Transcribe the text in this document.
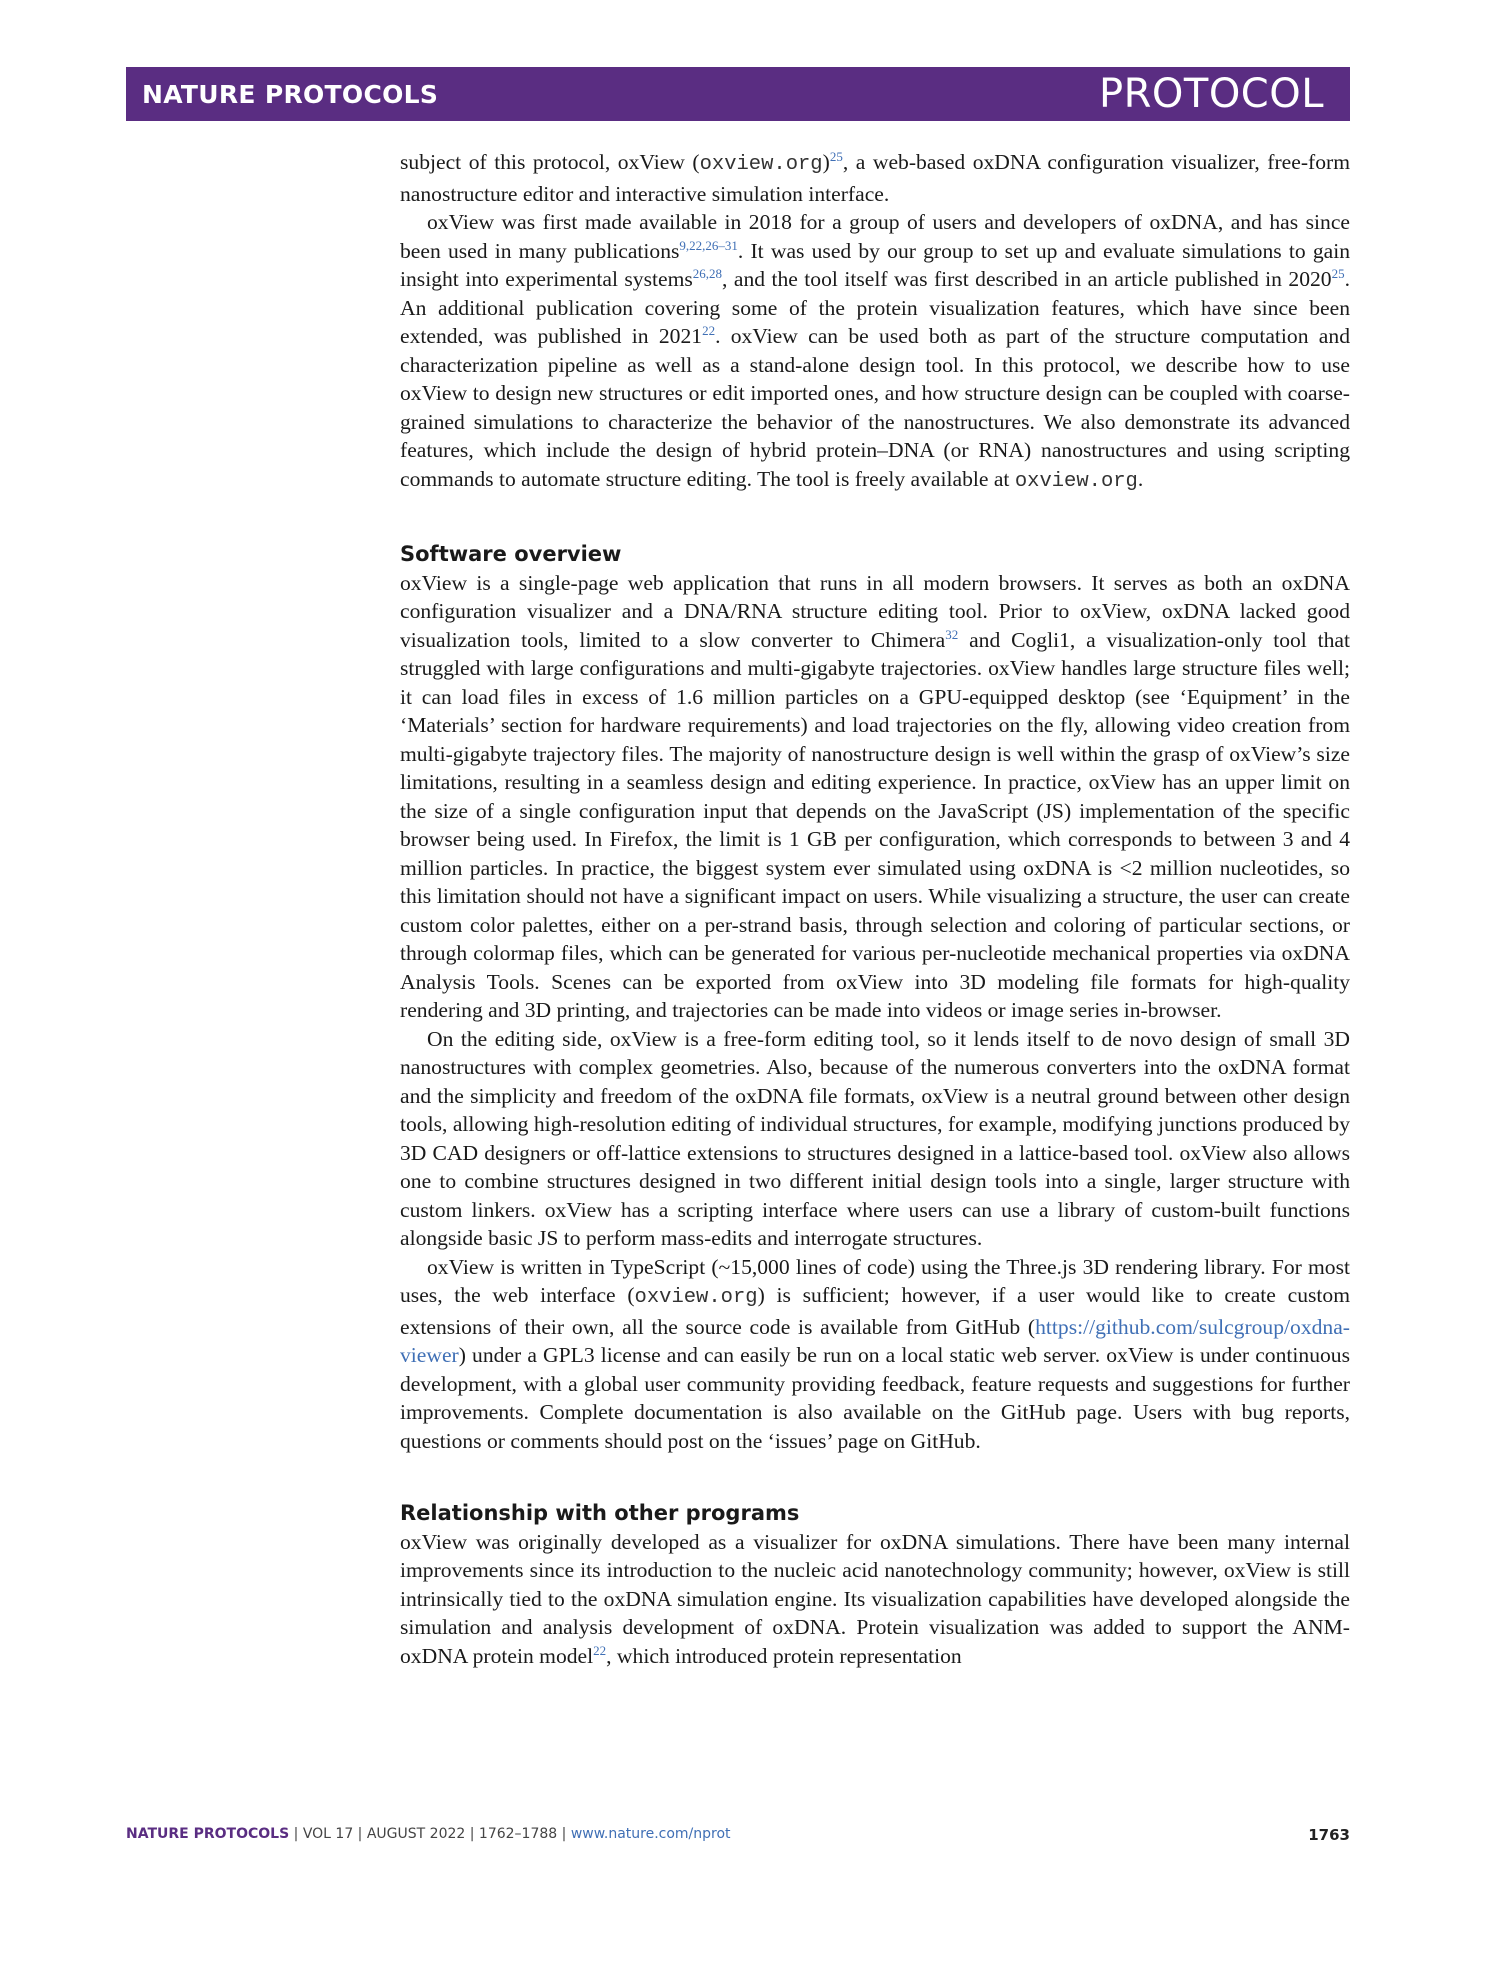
NATURE PROTOCOLS	PROTOCOL

subject of this protocol, oxView (oxview.org)$^{25}$, a web-based oxDNA configuration visualizer, free-form nanostructure editor and interactive simulation interface.

oxView was first made available in 2018 for a group of users and developers of oxDNA, and has since been used in many publications$^{9,22,26-31}$. It was used by our group to set up and evaluate simulations to gain insight into experimental systems$^{26,28}$, and the tool itself was first described in an article published in 2020$^{25}$. An additional publication covering some of the protein visualization features, which have since been extended, was published in 2021$^{22}$. oxView can be used both as part of the structure computation and characterization pipeline as well as a stand-alone design tool. In this protocol, we describe how to use oxView to design new structures or edit imported ones, and how structure design can be coupled with coarse-grained simulations to characterize the behavior of the nanostructures. We also demonstrate its advanced features, which include the design of hybrid protein–DNA (or RNA) nanostructures and using scripting commands to automate structure editing. The tool is freely available at oxview.org.

Software overview

oxView is a single-page web application that runs in all modern browsers. It serves as both an oxDNA configuration visualizer and a DNA/RNA structure editing tool. Prior to oxView, oxDNA lacked good visualization tools, limited to a slow converter to Chimera$^{32}$ and Cogli1, a visualization-only tool that struggled with large configurations and multi-gigabyte trajectories. oxView handles large structure files well; it can load files in excess of 1.6 million particles on a GPU-equipped desktop (see ‘Equipment’ in the ‘Materials’ section for hardware requirements) and load trajectories on the fly, allowing video creation from multi-gigabyte trajectory files. The majority of nanostructure design is well within the grasp of oxView’s size limitations, resulting in a seamless design and editing experience. In practice, oxView has an upper limit on the size of a single configuration input that depends on the JavaScript (JS) implementation of the specific browser being used. In Firefox, the limit is 1 GB per configuration, which corresponds to between 3 and 4 million particles. In practice, the biggest system ever simulated using oxDNA is <2 million nucleotides, so this limitation should not have a significant impact on users. While visualizing a structure, the user can create custom color palettes, either on a per-strand basis, through selection and coloring of particular sections, or through colormap files, which can be generated for various per-nucleotide mechanical properties via oxDNA Analysis Tools. Scenes can be exported from oxView into 3D modeling file formats for high-quality rendering and 3D printing, and trajectories can be made into videos or image series in-browser.

On the editing side, oxView is a free-form editing tool, so it lends itself to de novo design of small 3D nanostructures with complex geometries. Also, because of the numerous converters into the oxDNA format and the simplicity and freedom of the oxDNA file formats, oxView is a neutral ground between other design tools, allowing high-resolution editing of individual structures, for example, modifying junctions produced by 3D CAD designers or off-lattice extensions to structures designed in a lattice-based tool. oxView also allows one to combine structures designed in two different initial design tools into a single, larger structure with custom linkers. oxView has a scripting interface where users can use a library of custom-built functions alongside basic JS to perform mass-edits and interrogate structures.

oxView is written in TypeScript (~15,000 lines of code) using the Three.js 3D rendering library. For most uses, the web interface (oxview.org) is sufficient; however, if a user would like to create custom extensions of their own, all the source code is available from GitHub (https://github.com/sulcgroup/oxdna-viewer) under a GPL3 license and can easily be run on a local static web server. oxView is under continuous development, with a global user community providing feedback, feature requests and suggestions for further improvements. Complete documentation is also available on the GitHub page. Users with bug reports, questions or comments should post on the ‘issues’ page on GitHub.

Relationship with other programs

oxView was originally developed as a visualizer for oxDNA simulations. There have been many internal improvements since its introduction to the nucleic acid nanotechnology community; however, oxView is still intrinsically tied to the oxDNA simulation engine. Its visualization capabilities have developed alongside the simulation and analysis development of oxDNA. Protein visualization was added to support the ANM-oxDNA protein model$^{22}$, which introduced protein representation

NATURE PROTOCOLS | VOL 17 | AUGUST 2022 | 1762–1788 | www.nature.com/nprot	1763
